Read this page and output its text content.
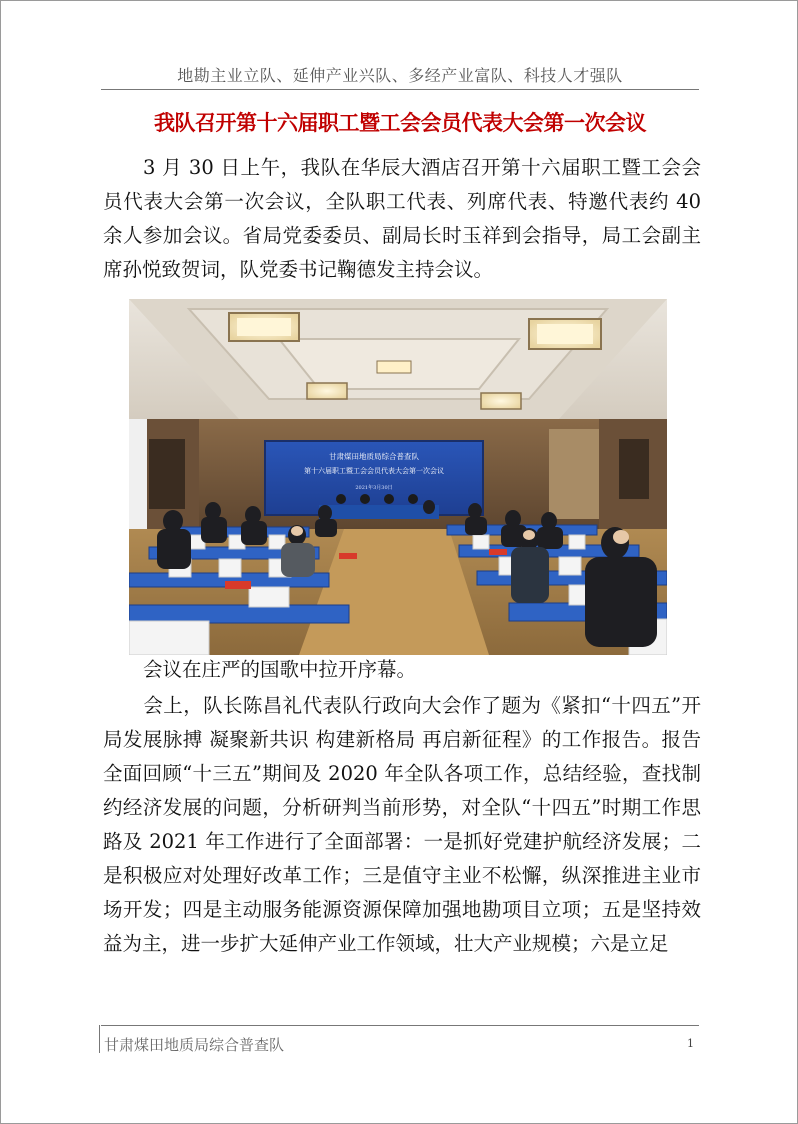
地勘主业立队、延伸产业兴队、多经产业富队、科技人才强队
我队召开第十六届职工暨工会会员代表大会第一次会议

3 月 30 日上午，我队在华辰大酒店召开第十六届职工暨工会会员代表大会第一次会议，全队职工代表、列席代表、特邀代表约 40 余人参加会议。省局党委委员、副局长时玉祥到会指导，局工会副主席孙悦致贺词，队党委书记鞠德发主持会议。

甘肃煤田地质局综合普查队
第十六届职工暨工会会员代表大会第一次会议
2021年3月30日

会议在庄严的国歌中拉开序幕。

会上，队长陈昌礼代表队行政向大会作了题为《紧扣“十四五”开局发展脉搏 凝聚新共识 构建新格局 再启新征程》的工作报告。报告全面回顾“十三五”期间及 2020 年全队各项工作，总结经验，查找制约经济发展的问题，分析研判当前形势，对全队“十四五”时期工作思路及 2021 年工作进行了全面部署：一是抓好党建护航经济发展；二是积极应对处理好改革工作；三是值守主业不松懈，纵深推进主业市场开发；四是主动服务能源资源保障加强地勘项目立项；五是坚持效益为主，进一步扩大延伸产业工作领域，壮大产业规模；六是立足

甘肃煤田地质局综合普查队	1
